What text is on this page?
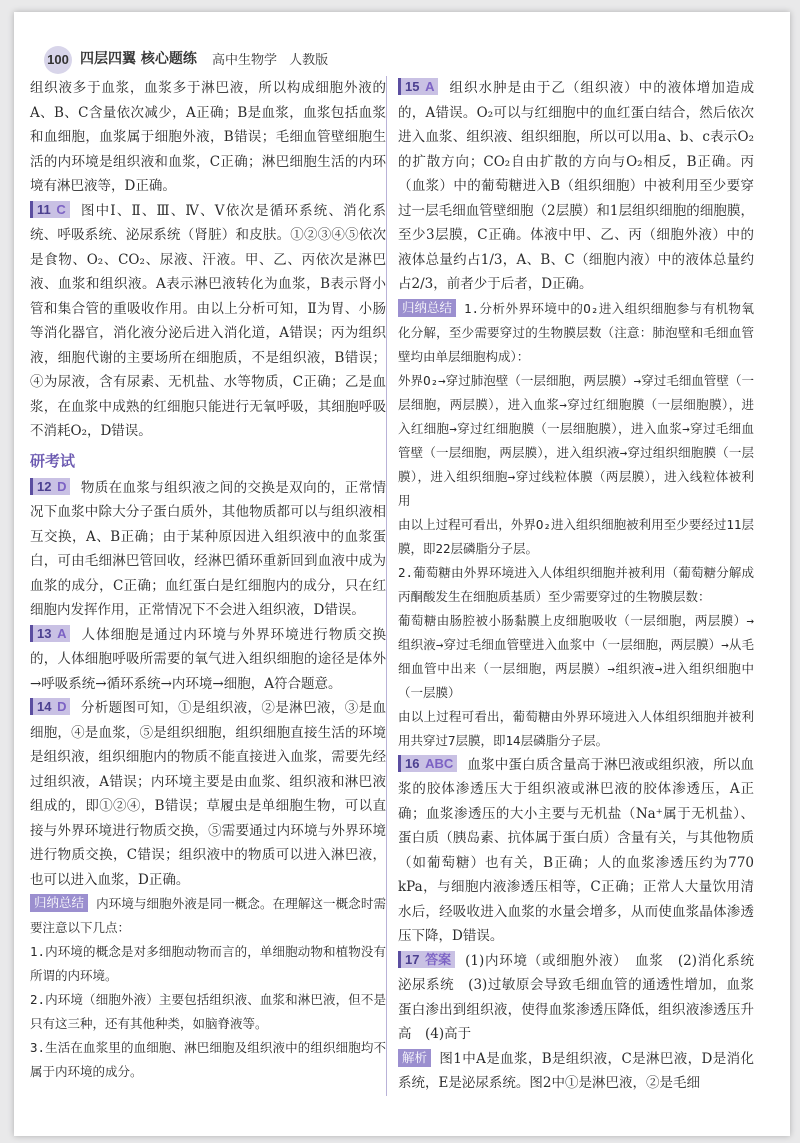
100 四层四翼 核心题练 高中生物学 人教版

组织液多于血浆，血浆多于淋巴液，所以构成细胞外液的A、B、C含量依次减少，A正确；B是血浆，血浆包括血浆和血细胞，血浆属于细胞外液，B错误；毛细血管壁细胞生活的内环境是组织液和血浆，C正确；淋巴细胞生活的内环境有淋巴液等，D正确。

11 C 图中Ⅰ、Ⅱ、Ⅲ、Ⅳ、Ⅴ依次是循环系统、消化系统、呼吸系统、泌尿系统（肾脏）和皮肤。①②③④⑤依次是食物、O₂、CO₂、尿液、汗液。甲、乙、丙依次是淋巴液、血浆和组织液。A表示淋巴液转化为血浆，B表示肾小管和集合管的重吸收作用。由以上分析可知，Ⅱ为胃、小肠等消化器官，消化液分泌后进入消化道，A错误；丙为组织液，细胞代谢的主要场所在细胞质，不是组织液，B错误；④为尿液，含有尿素、无机盐、水等物质，C正确；乙是血浆，在血浆中成熟的红细胞只能进行无氧呼吸，其细胞呼吸不消耗O₂，D错误。

研考试

12 D 物质在血浆与组织液之间的交换是双向的，正常情况下血浆中除大分子蛋白质外，其他物质都可以与组织液相互交换，A、B正确；由于某种原因进入组织液中的血浆蛋白，可由毛细淋巴管回收，经淋巴循环重新回到血液中成为血浆的成分，C正确；血红蛋白是红细胞内的成分，只在红细胞内发挥作用，正常情况下不会进入组织液，D错误。

13 A 人体细胞是通过内环境与外界环境进行物质交换的，人体细胞呼吸所需要的氧气进入组织细胞的途径是体外→呼吸系统→循环系统→内环境→细胞，A符合题意。

14 D 分析题图可知，①是组织液，②是淋巴液，③是血细胞，④是血浆，⑤是组织细胞，组织细胞直接生活的环境是组织液，组织细胞内的物质不能直接进入血浆，需要先经过组织液，A错误；内环境主要是由血浆、组织液和淋巴液组成的，即①②④，B错误；草履虫是单细胞生物，可以直接与外界环境进行物质交换，⑤需要通过内环境与外界环境进行物质交换，C错误；组织液中的物质可以进入淋巴液，也可以进入血浆，D正确。

归纳总结 内环境与细胞外液是同一概念。在理解这一概念时需要注意以下几点：

1.内环境的概念是对多细胞动物而言的，单细胞动物和植物没有所谓的内环境。

2.内环境（细胞外液）主要包括组织液、血浆和淋巴液，但不是只有这三种，还有其他种类，如脑脊液等。

3.生活在血浆里的血细胞、淋巴细胞及组织液中的组织细胞均不属于内环境的成分。

15 A 组织水肿是由于乙（组织液）中的液体增加造成的，A错误。O₂可以与红细胞中的血红蛋白结合，然后依次进入血浆、组织液、组织细胞，所以可以用a、b、c表示O₂的扩散方向；CO₂自由扩散的方向与O₂相反，B正确。丙（血浆）中的葡萄糖进入B（组织细胞）中被利用至少要穿过一层毛细血管壁细胞（2层膜）和1层组织细胞的细胞膜，至少3层膜，C正确。体液中甲、乙、丙（细胞外液）中的液体总量约占1/3，A、B、C（细胞内液）中的液体总量约占2/3，前者少于后者，D正确。

归纳总结 1.分析外界环境中的O₂进入组织细胞参与有机物氧化分解，至少需要穿过的生物膜层数（注意：肺泡壁和毛细血管壁均由单层细胞构成）：

外界O₂→穿过肺泡壁（一层细胞，两层膜）→穿过毛细血管壁（一层细胞，两层膜），进入血浆→穿过红细胞膜（一层细胞膜），进入红细胞→穿过红细胞膜（一层细胞膜），进入血浆→穿过毛细血管壁（一层细胞，两层膜），进入组织液→穿过组织细胞膜（一层膜），进入组织细胞→穿过线粒体膜（两层膜），进入线粒体被利用

由以上过程可看出，外界O₂进入组织细胞被利用至少要经过11层膜，即22层磷脂分子层。

2.葡萄糖由外界环境进入人体组织细胞并被利用（葡萄糖分解成丙酮酸发生在细胞质基质）至少需要穿过的生物膜层数：

葡萄糖由肠腔被小肠黏膜上皮细胞吸收（一层细胞，两层膜）→组织液→穿过毛细血管壁进入血浆中（一层细胞，两层膜）→从毛细血管中出来（一层细胞，两层膜）→组织液→进入组织细胞中（一层膜）

由以上过程可看出，葡萄糖由外界环境进入人体组织细胞并被利用共穿过7层膜，即14层磷脂分子层。

16 ABC 血浆中蛋白质含量高于淋巴液或组织液，所以血浆的胶体渗透压大于组织液或淋巴液的胶体渗透压，A正确；血浆渗透压的大小主要与无机盐（Na⁺属于无机盐）、蛋白质（胰岛素、抗体属于蛋白质）含量有关，与其他物质（如葡萄糖）也有关，B正确；人的血浆渗透压约为770 kPa，与细胞内液渗透压相等，C正确；正常人大量饮用清水后，经吸收进入血浆的水量会增多，从而使血浆晶体渗透压下降，D错误。

17 答案 (1)内环境（或细胞外液）　血浆　(2)消化系统　泌尿系统　(3)过敏原会导致毛细血管的通透性增加，血浆蛋白渗出到组织液，使得血浆渗透压降低，组织液渗透压升高　(4)高于

解析 图1中A是血浆，B是组织液，C是淋巴液，D是消化系统，E是泌尿系统。图2中①是淋巴液，②是毛细
